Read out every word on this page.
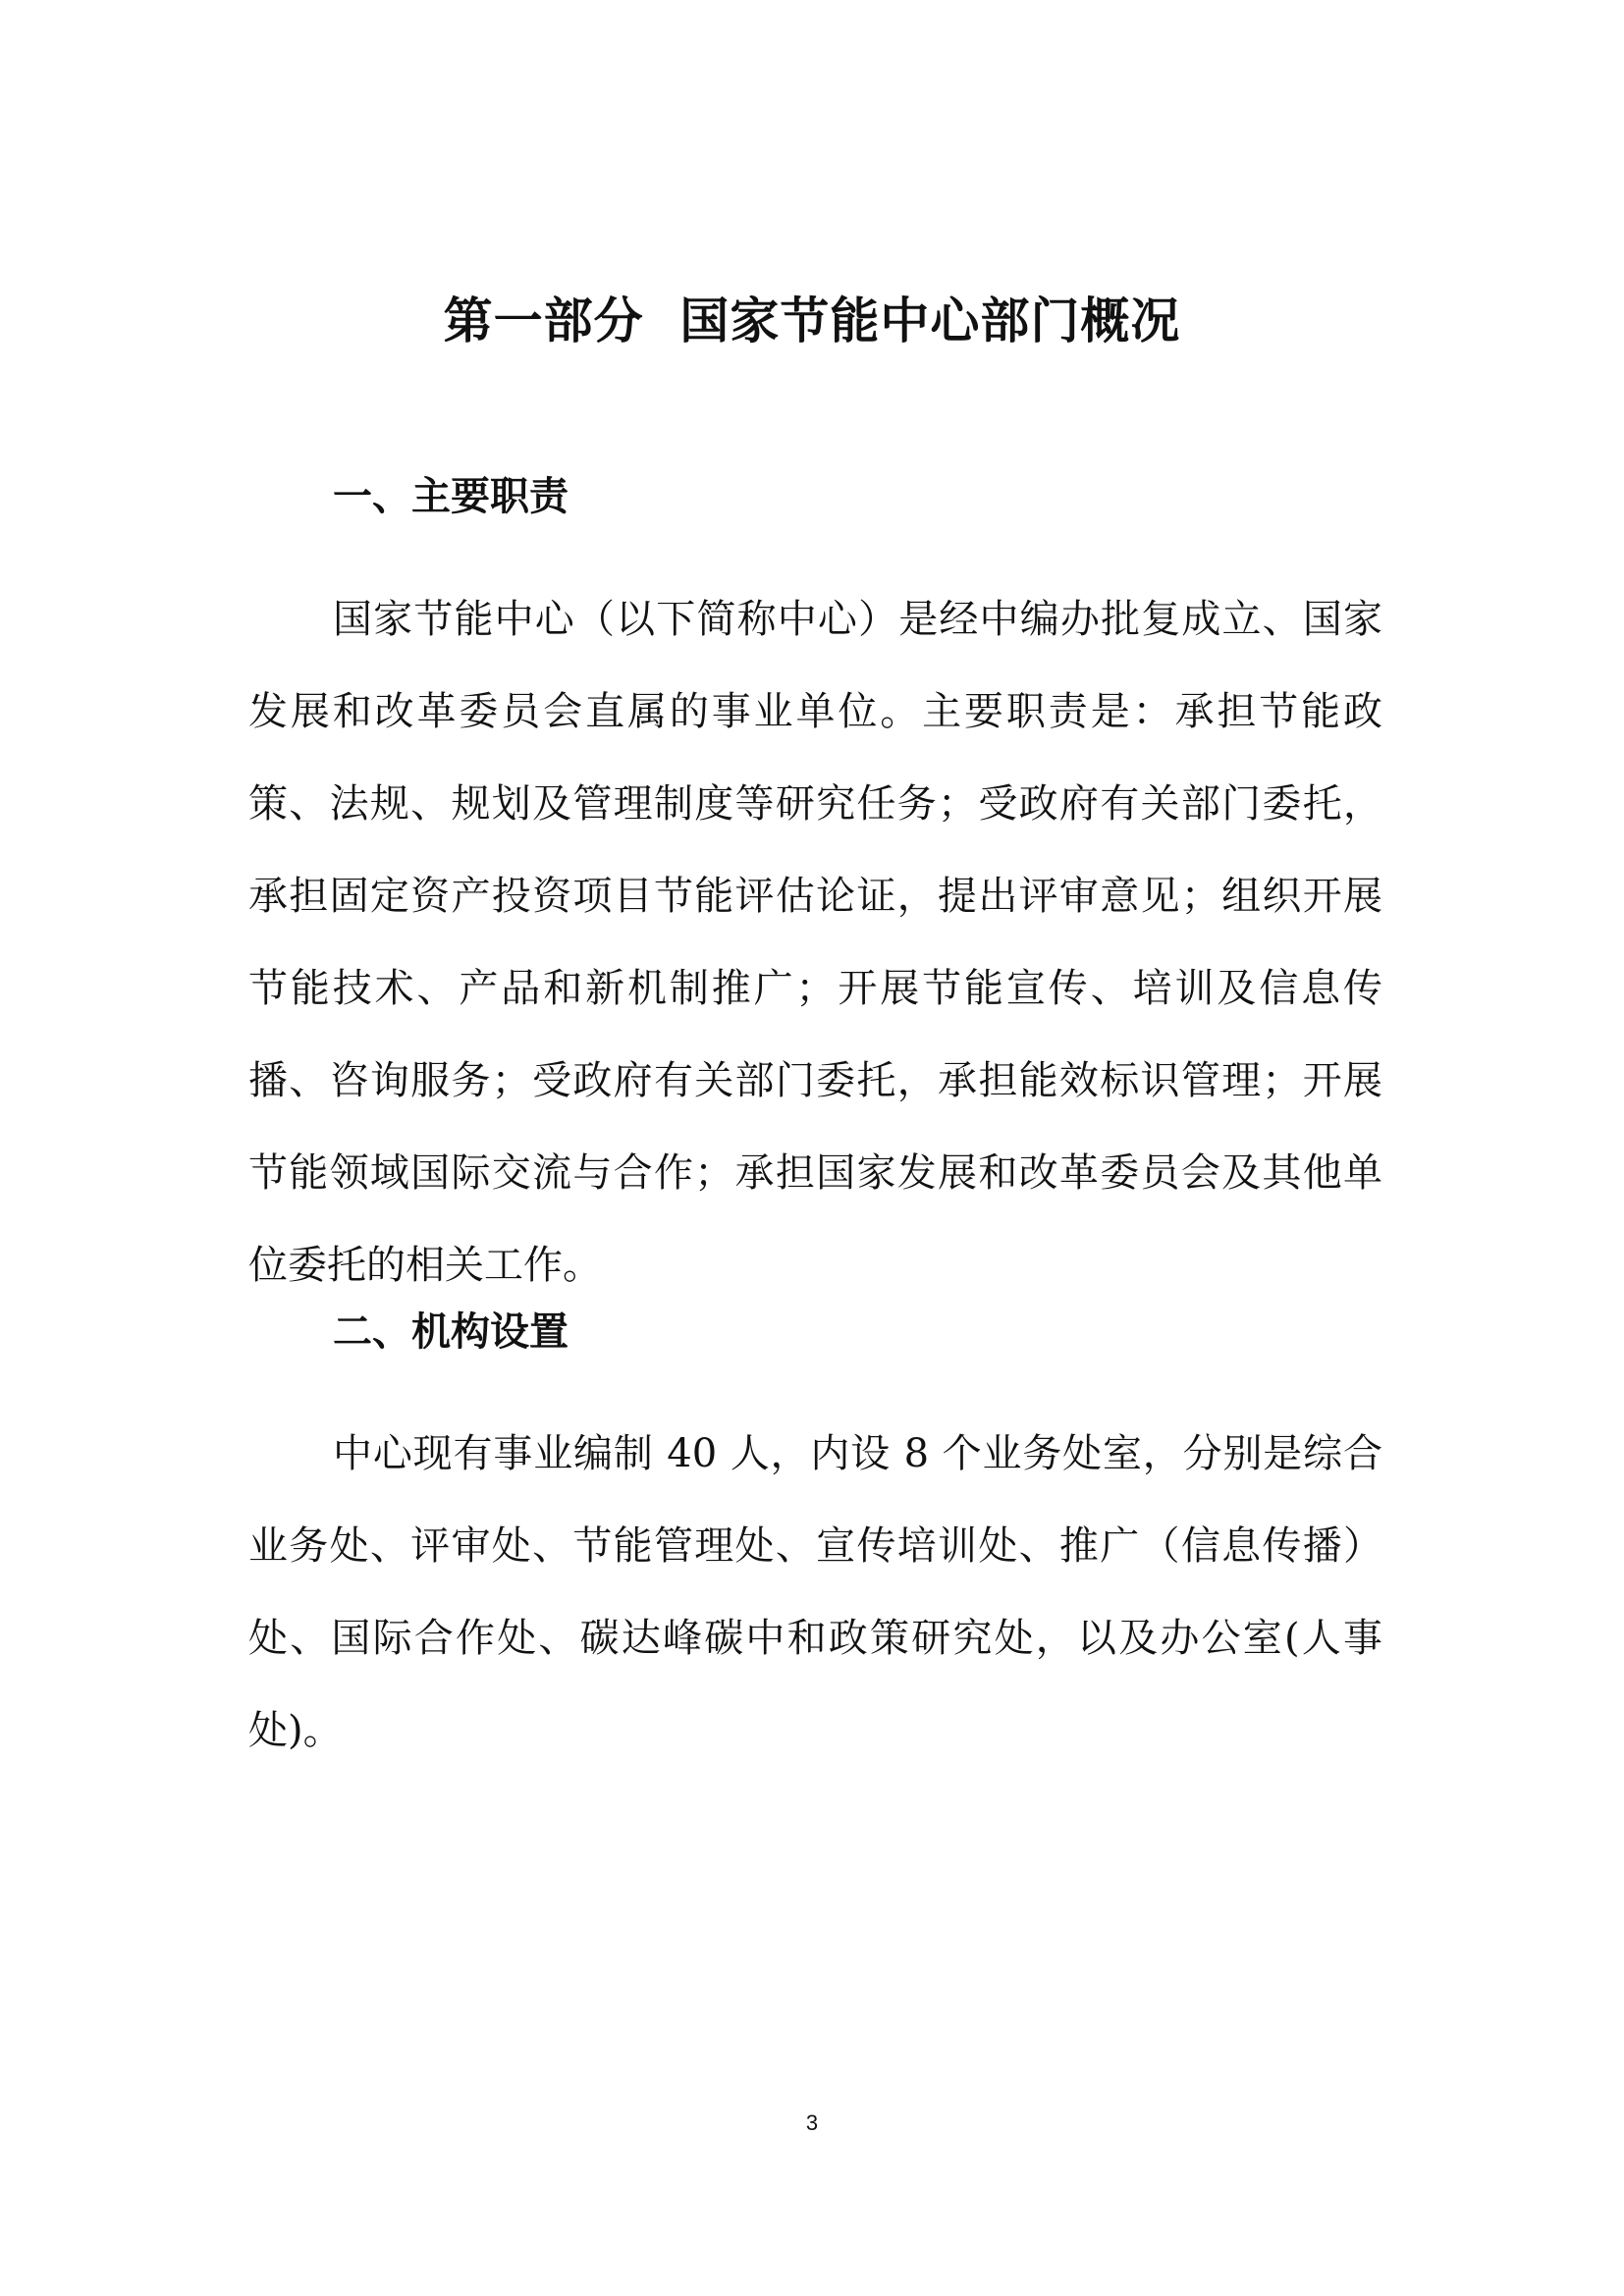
第一部分  国家节能中心部门概况
一、主要职责

国家节能中心（以下简称中心）是经中编办批复成立、国家发展和改革委员会直属的事业单位。主要职责是：承担节能政策、法规、规划及管理制度等研究任务；受政府有关部门委托，承担固定资产投资项目节能评估论证，提出评审意见；组织开展节能技术、产品和新机制推广；开展节能宣传、培训及信息传播、咨询服务；受政府有关部门委托，承担能效标识管理；开展节能领域国际交流与合作；承担国家发展和改革委员会及其他单位委托的相关工作。

二、机构设置

中心现有事业编制 40 人，内设 8 个业务处室，分别是综合业务处、评审处、节能管理处、宣传培训处、推广（信息传播）处、国际合作处、碳达峰碳中和政策研究处，以及办公室(人事处)。

3
